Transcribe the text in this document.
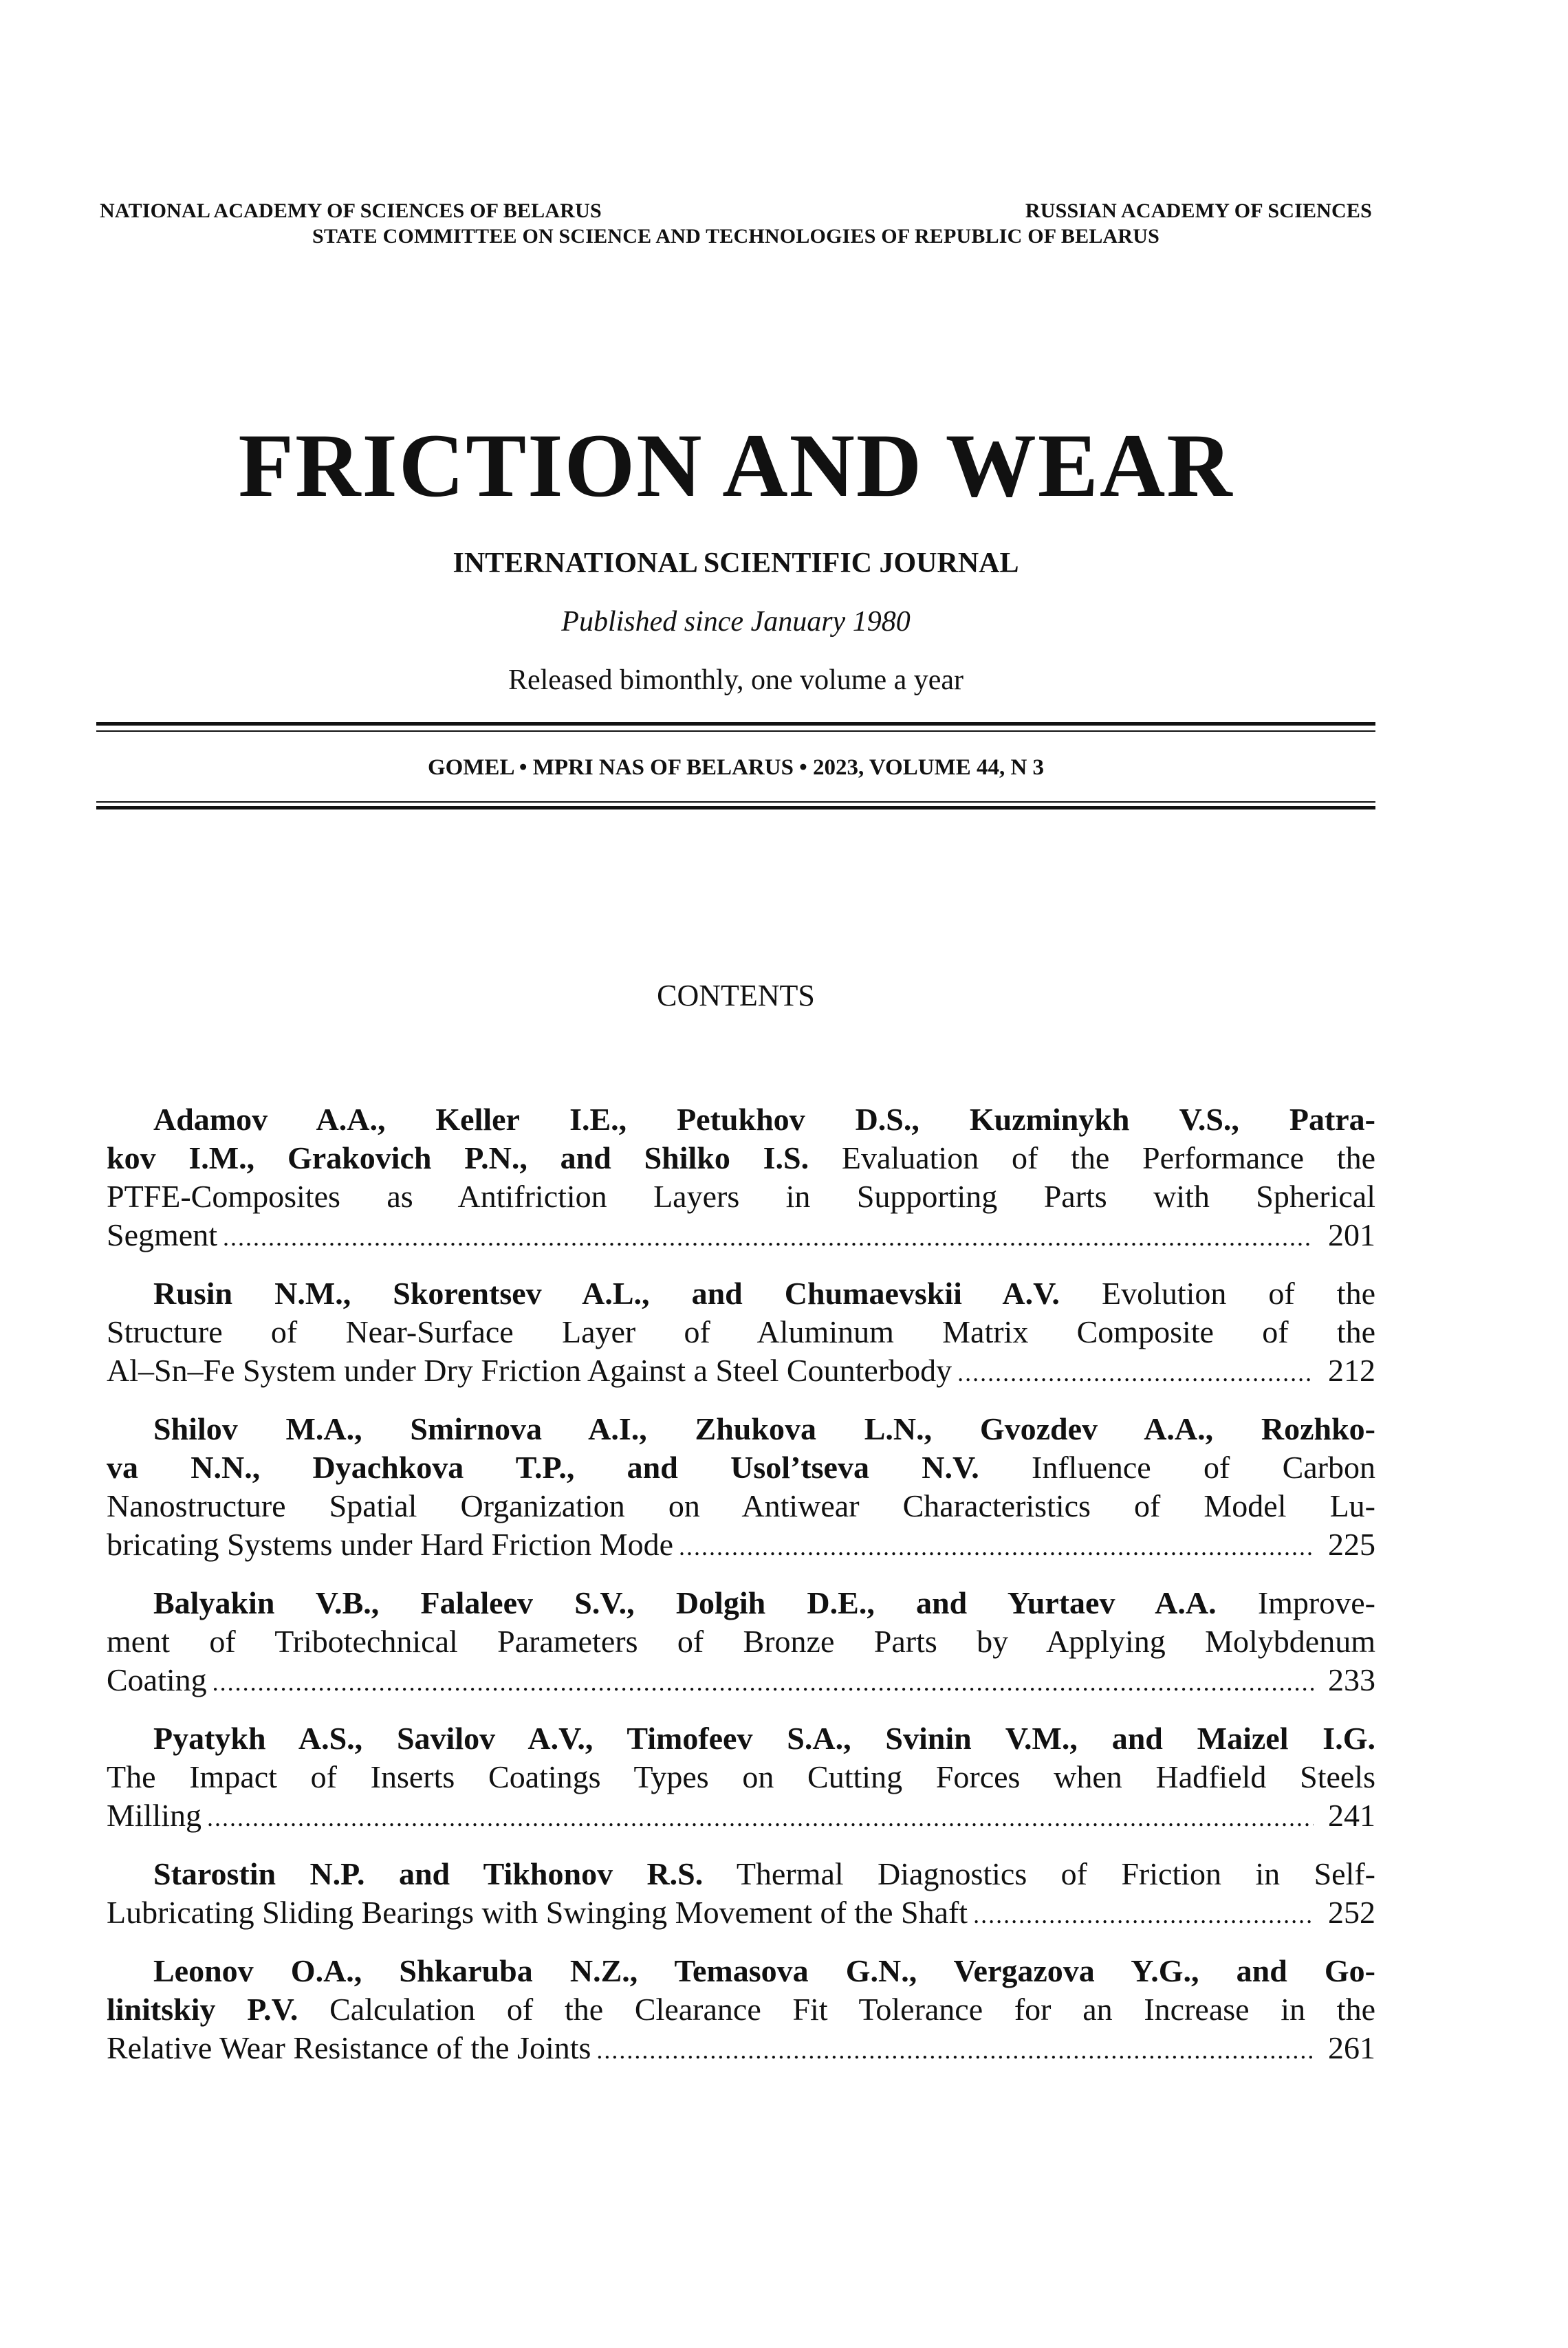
NATIONAL ACADEMY OF SCIENCES OF BELARUS	RUSSIAN ACADEMY OF SCIENCES
STATE COMMITTEE ON SCIENCE AND TECHNOLOGIES OF REPUBLIC OF BELARUS
FRICTION AND WEAR
INTERNATIONAL SCIENTIFIC JOURNAL
Published since January 1980
Released bimonthly, one volume a year
GOMEL • MPRI NAS OF BELARUS • 2023, VOLUME 44, N 3
CONTENTS
Adamov A.A., Keller I.E., Petukhov D.S., Kuzminykh V.S., Patra-
kov I.M., Grakovich P.N., and Shilko I.S. Evaluation of the Performance the
PTFE-Composites as Antifriction Layers in Supporting Parts with Spherical
Segment .....	201
Rusin N.M., Skorentsev A.L., and Chumaevskii A.V. Evolution of the
Structure of Near-Surface Layer of Aluminum Matrix Composite of the
Al–Sn–Fe System under Dry Friction Against a Steel Counterbody .....	212
Shilov M.A., Smirnova A.I., Zhukova L.N., Gvozdev A.A., Rozhko-
va N.N., Dyachkova T.P., and Usol’tseva N.V. Influence of Carbon
Nanostructure Spatial Organization on Antiwear Characteristics of Model Lu-
bricating Systems under Hard Friction Mode .....	225
Balyakin V.B., Falaleev S.V., Dolgih D.E., and Yurtaev A.A. Improve-
ment of Tribotechnical Parameters of Bronze Parts by Applying Molybdenum
Coating .....	233
Pyatykh A.S., Savilov A.V., Timofeev S.A., Svinin V.M., and Maizel I.G.
The Impact of Inserts Coatings Types on Cutting Forces when Hadfield Steels
Milling .....	241
Starostin N.P. and Tikhonov R.S. Thermal Diagnostics of Friction in Self-
Lubricating Sliding Bearings with Swinging Movement of the Shaft .....	252
Leonov O.A., Shkaruba N.Z., Temasova G.N., Vergazova Y.G., and Go-
linitskiy P.V. Calculation of the Clearance Fit Tolerance for an Increase in the
Relative Wear Resistance of the Joints .....	261
